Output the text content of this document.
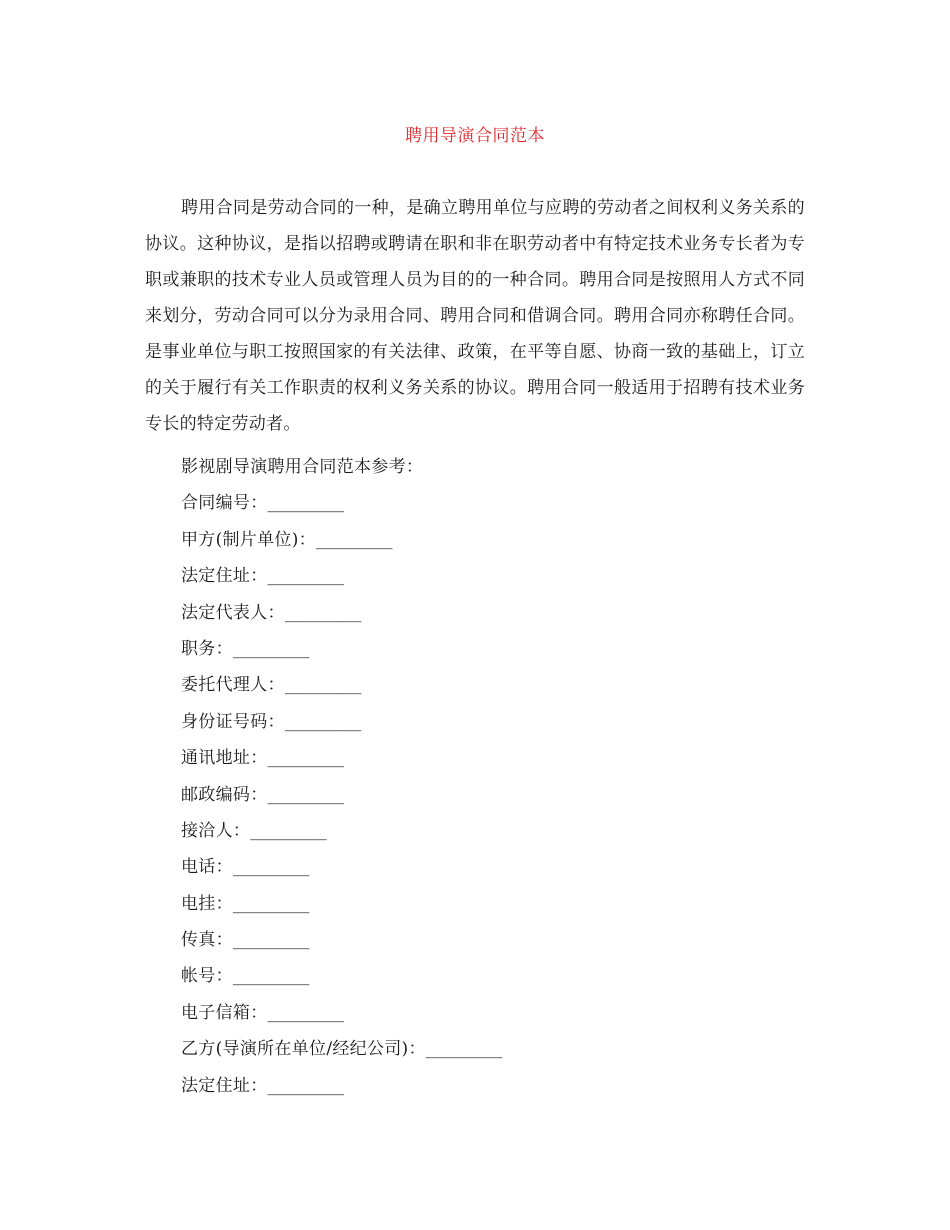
聘用导演合同范本

聘用合同是劳动合同的一种，是确立聘用单位与应聘的劳动者之间权利义务关系的协议。这种协议，是指以招聘或聘请在职和非在职劳动者中有特定技术业务专长者为专职或兼职的技术专业人员或管理人员为目的的一种合同。聘用合同是按照用人方式不同来划分，劳动合同可以分为录用合同、聘用合同和借调合同。聘用合同亦称聘任合同。是事业单位与职工按照国家的有关法律、政策，在平等自愿、协商一致的基础上，订立的关于履行有关工作职责的权利义务关系的协议。聘用合同一般适用于招聘有技术业务专长的特定劳动者。

影视剧导演聘用合同范本参考：
合同编号：_________
甲方(制片单位)：_________
法定住址：_________
法定代表人：_________
职务：_________
委托代理人：_________
身份证号码：_________
通讯地址：_________
邮政编码：_________
接洽人：_________
电话：_________
电挂：_________
传真：_________
帐号：_________
电子信箱：_________
乙方(导演所在单位/经纪公司)：_________
法定住址：_________
